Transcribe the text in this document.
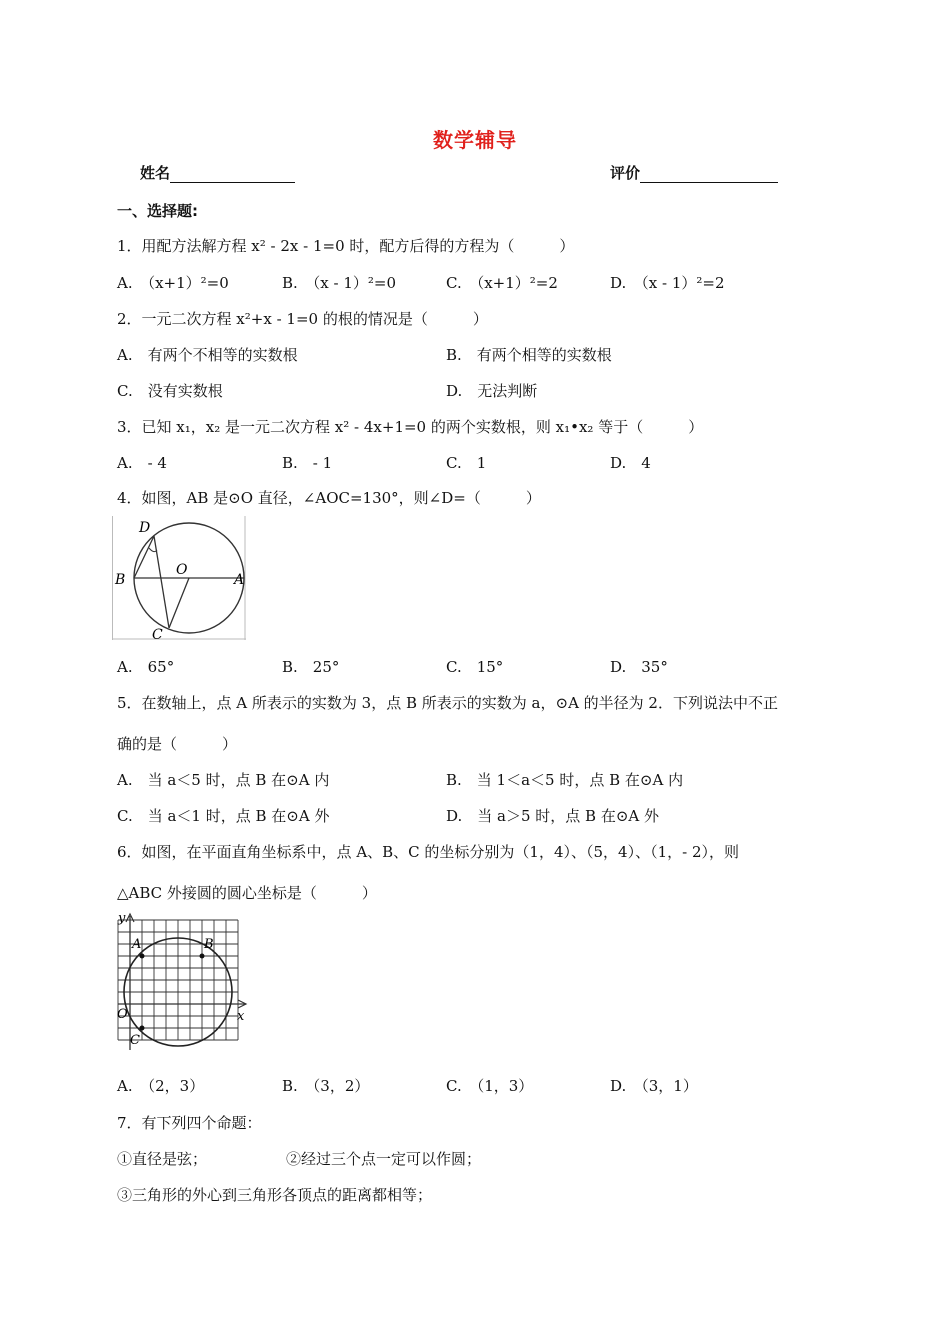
数学辅导
姓名	评价
一、选择题:
1．用配方法解方程 x² - 2x - 1=0 时，配方后得的方程为（　　　）
A.　（x+1）²=0	B.　（x - 1）²=0	C.　（x+1）²=2	D.　（x - 1）²=2
2．一元二次方程 x²+x - 1=0 的根的情况是（　　　）
A.　有两个不相等的实数根	B.　有两个相等的实数根
C.　没有实数根	D.　无法判断
3．已知 x₁，x₂ 是一元二次方程 x² - 4x+1=0 的两个实数根，则 x₁•x₂ 等于（　　　）
A.　- 4	B.　- 1	C.　1	D.　4
4．如图，AB 是⊙O 直径，∠AOC=130°，则∠D=（　　　）
D
B
O
A
C
A.　65°	B.　25°	C.　15°	D.　35°
5．在数轴上，点 A 所表示的实数为 3，点 B 所表示的实数为 a，⊙A 的半径为 2．下列说法中不正
确的是（　　　）
A.　当 a＜5 时，点 B 在⊙A 内	B.　当 1＜a＜5 时，点 B 在⊙A 内
C.　当 a＜1 时，点 B 在⊙A 外	D.　当 a＞5 时，点 B 在⊙A 外
6．如图，在平面直角坐标系中，点 A、B、C 的坐标分别为（1，4）、（5，4）、（1，- 2），则
△ABC 外接圆的圆心坐标是（　　　）
y
x
A	B
O
C
A.　（2，3）	B.　（3，2）	C.　（1，3）	D.　（3，1）
7．有下列四个命题：
①直径是弦；	②经过三个点一定可以作圆；
③三角形的外心到三角形各顶点的距离都相等；
